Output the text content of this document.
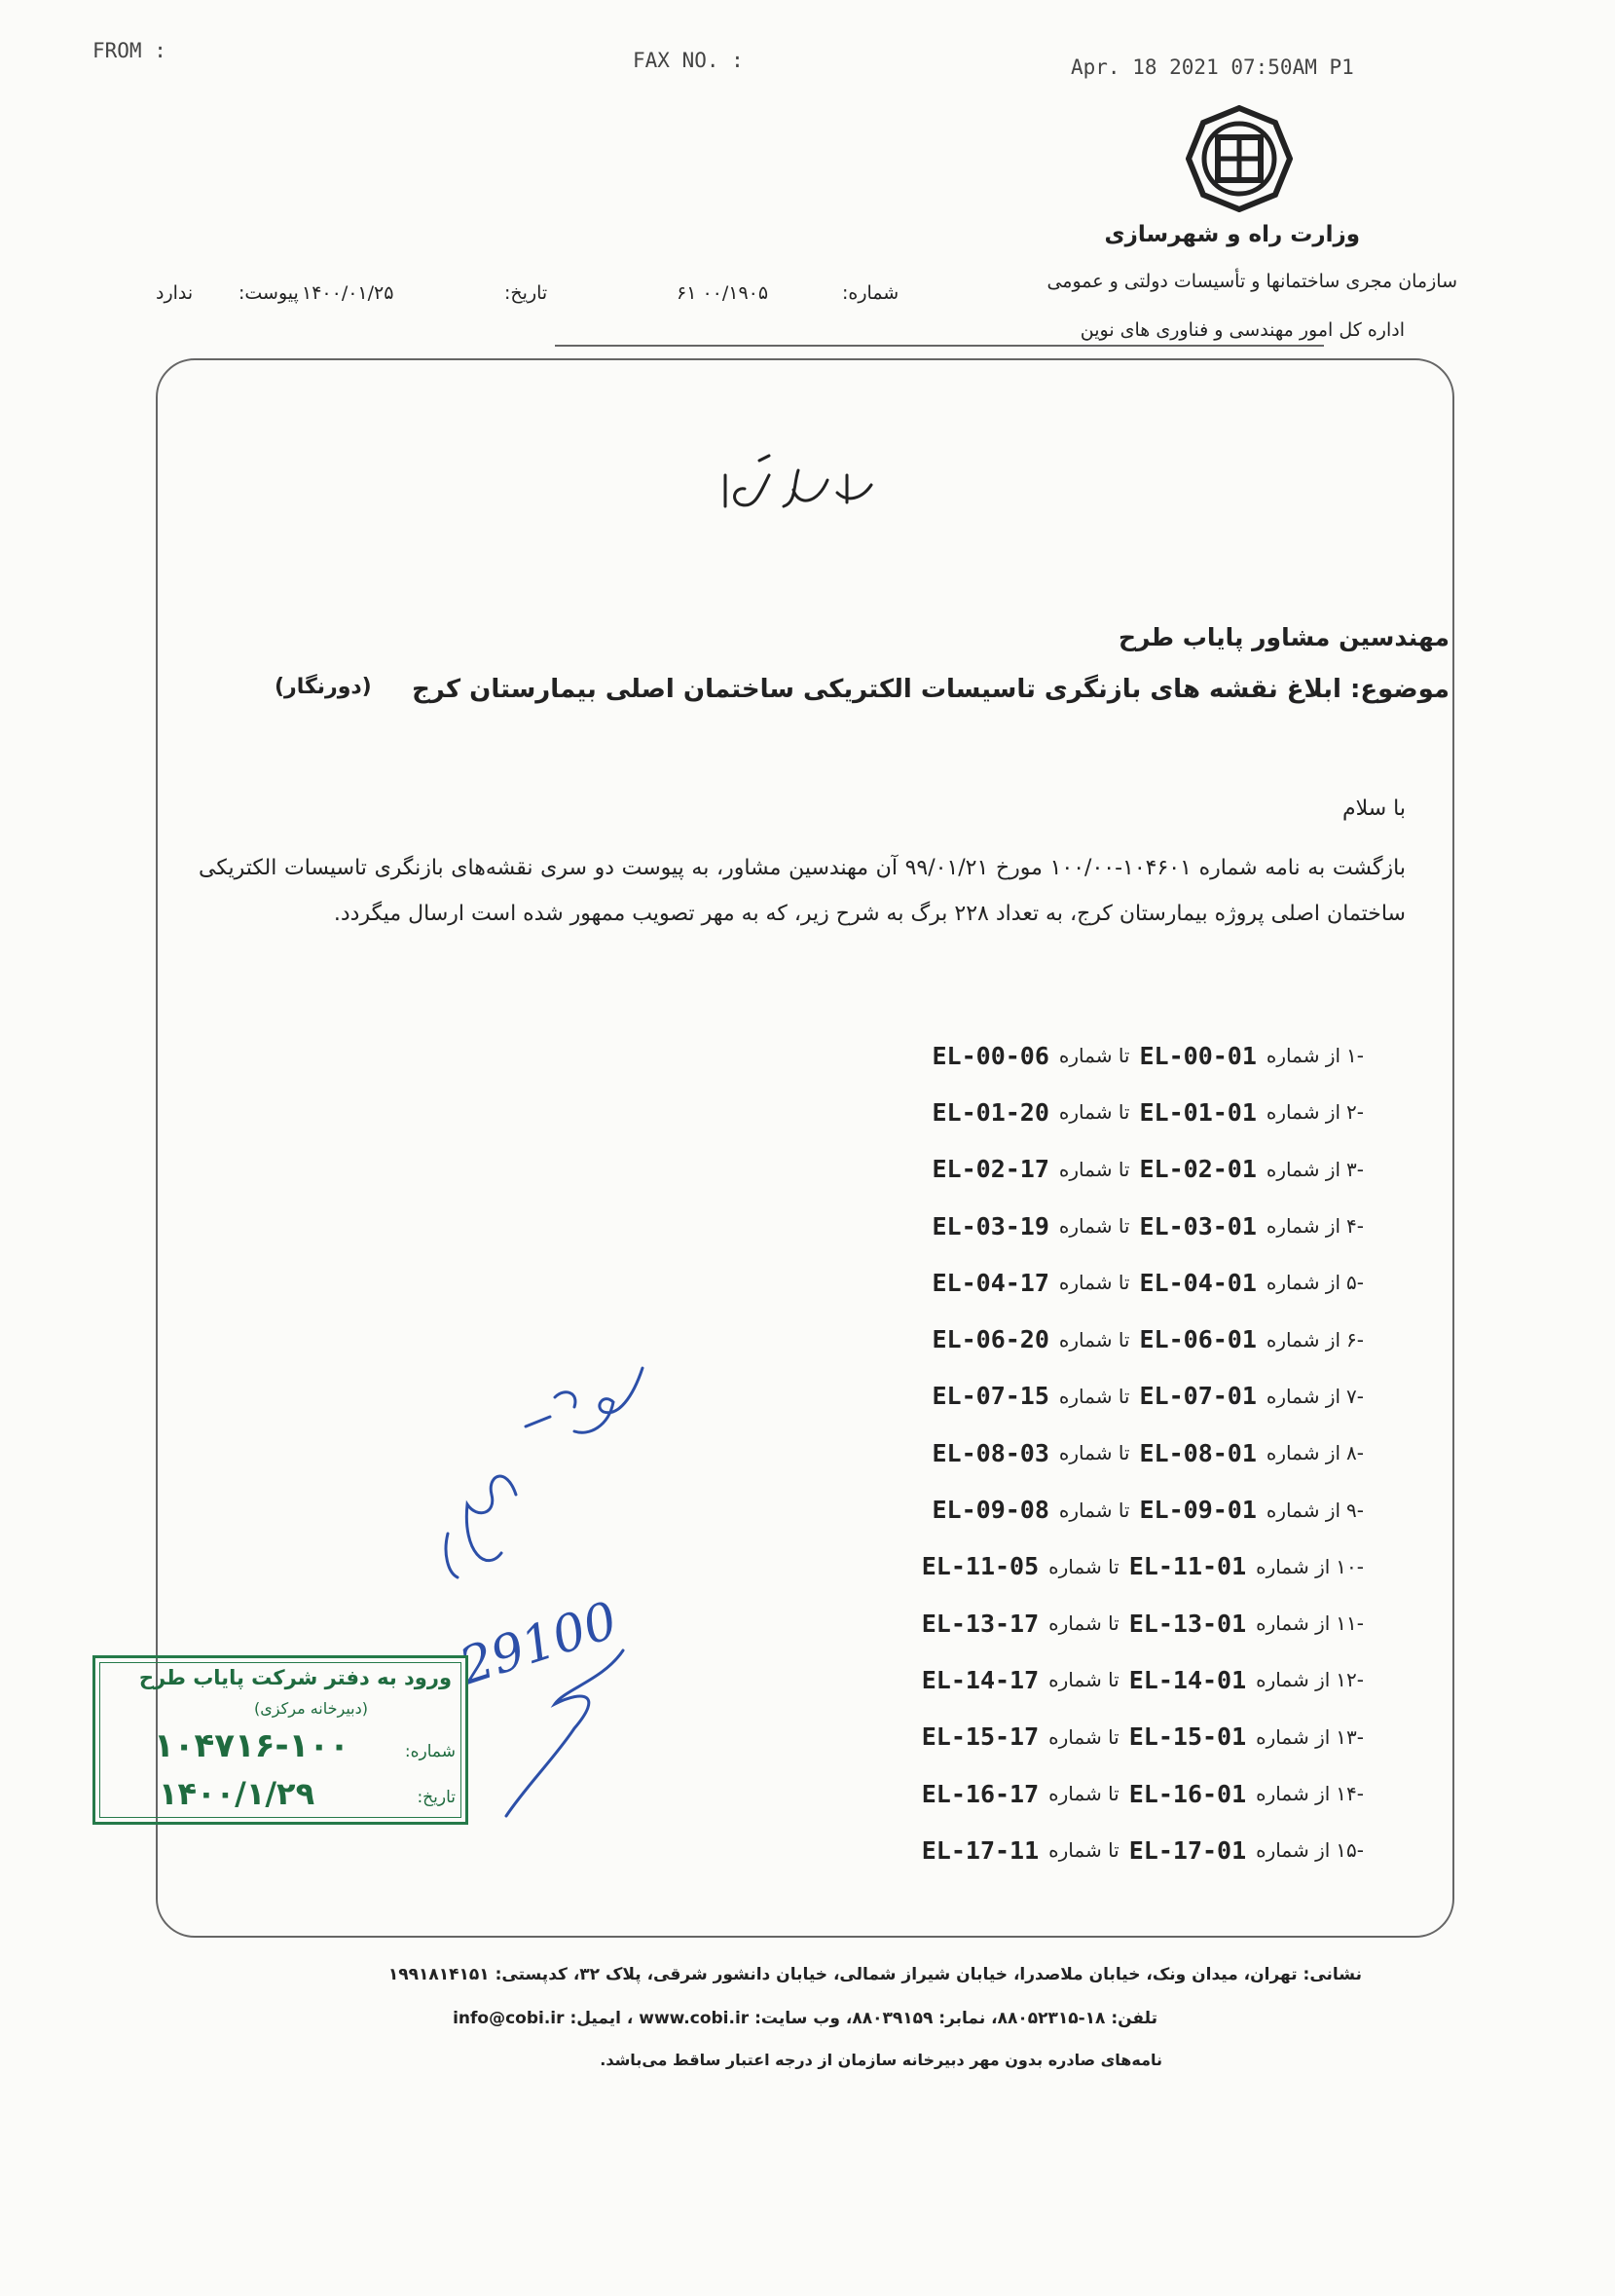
FROM :	FAX NO. :	Apr. 18 2021 07:50AM P1
وزارت راه و شهرسازی
سازمان مجری ساختمانها و تأسیسات دولتی و عمومی
اداره کل امور مهندسی و فناوری های نوین
شماره:
۶۱ ۰۰/۱۹۰۵
تاریخ:
۱۴۰۰/۰۱/۲۵
پیوست:
ندارد
مهندسین مشاور پایاب طرح
موضوع: ابلاغ نقشه های بازنگری تاسیسات الکتریکی ساختمان اصلی بیمارستان کرج
(دورنگار)
با سلام
بازگشت به نامه شماره ۱۰۴۶۰۱-۱۰۰/۰۰ مورخ ۹۹/۰۱/۲۱ آن مهندسین مشاور، به پیوست دو سری نقشه‌های بازنگری تاسیسات الکتریکی ساختمان اصلی پروژه بیمارستان کرج، به تعداد ۲۲۸ برگ به شرح زیر، که به مهر تصویب ممهور شده است ارسال میگردد.
۱-
از شماره
EL-00-01
تا شماره
EL-00-06
۲-
از شماره
EL-01-01
تا شماره
EL-01-20
۳-
از شماره
EL-02-01
تا شماره
EL-02-17
۴-
از شماره
EL-03-01
تا شماره
EL-03-19
۵-
از شماره
EL-04-01
تا شماره
EL-04-17
۶-
از شماره
EL-06-01
تا شماره
EL-06-20
۷-
از شماره
EL-07-01
تا شماره
EL-07-15
۸-
از شماره
EL-08-01
تا شماره
EL-08-03
۹-
از شماره
EL-09-01
تا شماره
EL-09-08
۱۰-
از شماره
EL-11-01
تا شماره
EL-11-05
۱۱-
از شماره
EL-13-01
تا شماره
EL-13-17
۱۲-
از شماره
EL-14-01
تا شماره
EL-14-17
۱۳-
از شماره
EL-15-01
تا شماره
EL-15-17
۱۴-
از شماره
EL-16-01
تا شماره
EL-16-17
۱۵-
از شماره
EL-17-01
تا شماره
EL-17-11
29100
ورود به دفتر شرکت پایاب طرح
(دبیرخانه مرکزی)
شماره:
۱۰۴۷۱۶-۱۰۰
تاریخ:
۱۴۰۰/۱/۲۹
نشانی: تهران، میدان ونک، خیابان ملاصدرا، خیابان شیراز شمالی، خیابان دانشور شرقی، پلاک ۳۲، کدپستی: ۱۹۹۱۸۱۴۱۵۱
تلفن: ۱۸-۸۸۰۵۲۳۱۵، نمابر: ۸۸۰۳۹۱۵۹، وب سایت: www.cobi.ir ، ایمیل: info@cobi.ir
نامه‌های صادره بدون مهر دبیرخانه سازمان از درجه اعتبار ساقط می‌باشد.
